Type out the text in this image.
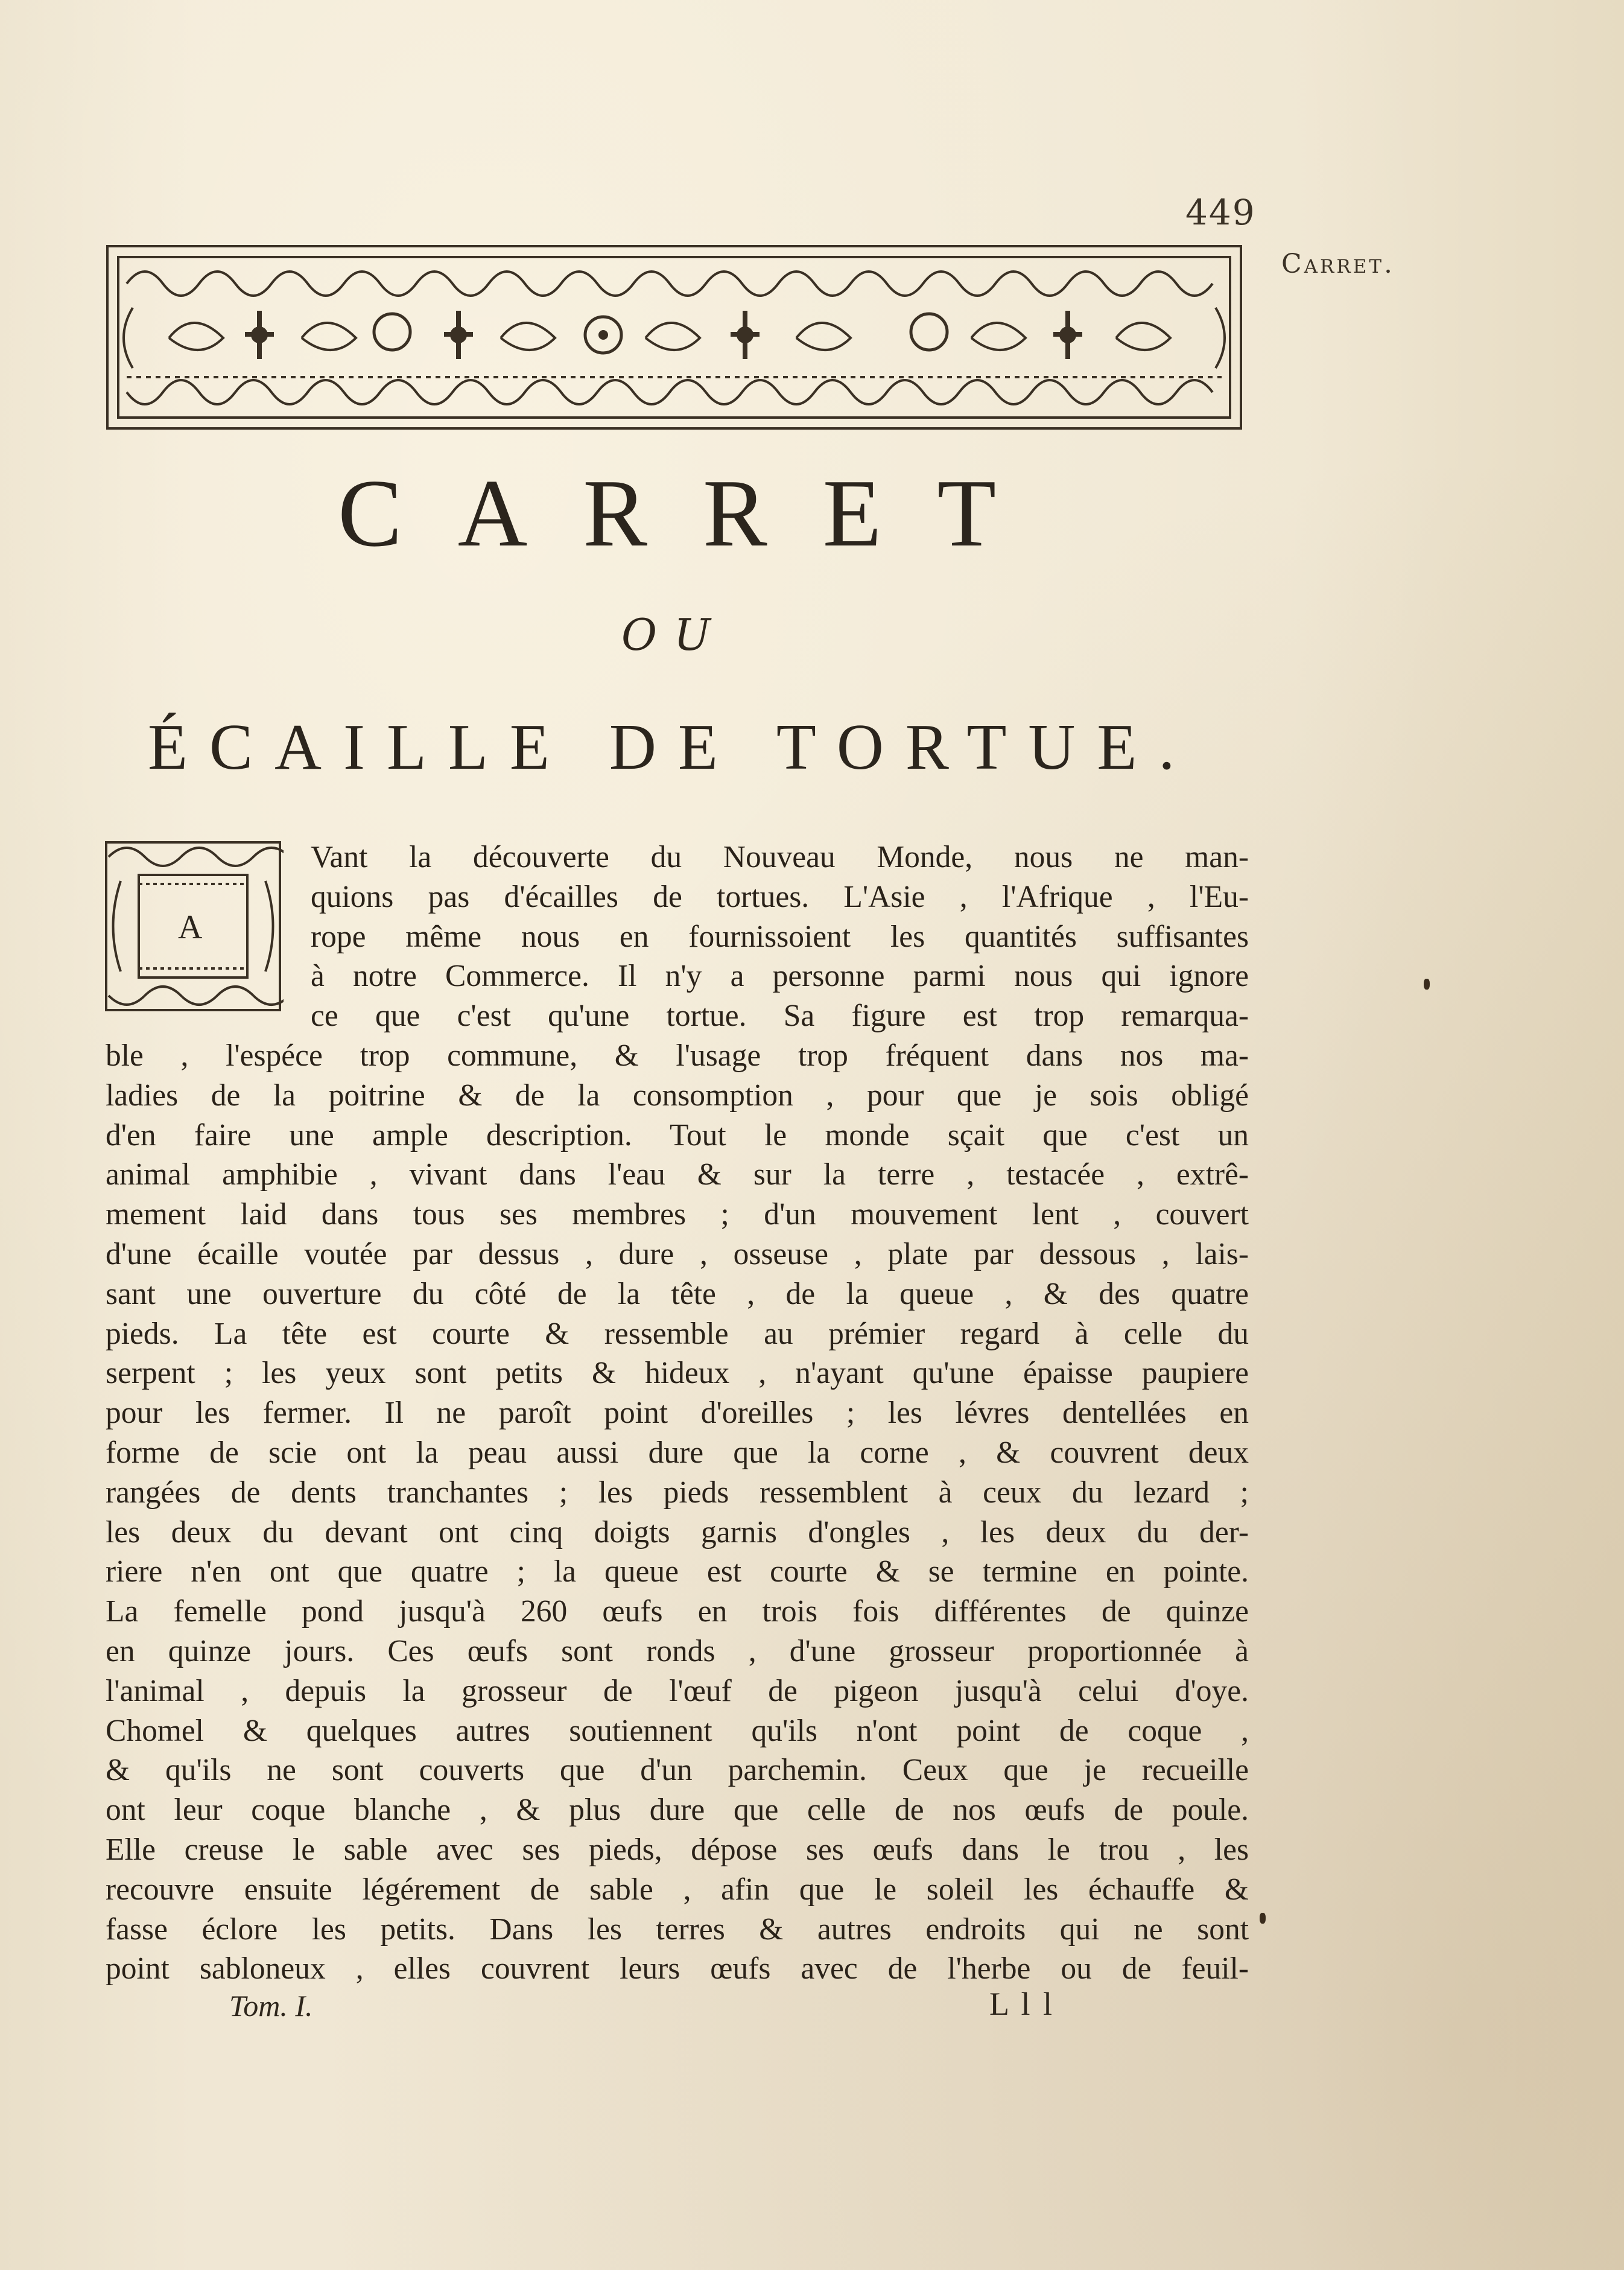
449
Carret.
CARRET
OU
ÉCAILLE DE TORTUE.
A
Vant la découverte du Nouveau Monde, nous ne man-
quions pas d'écailles de tortues. L'Asie , l'Afrique , l'Eu-
rope même nous en fournissoient les quantités suffisantes
à notre Commerce. Il n'y a personne parmi nous qui ignore
ce que c'est qu'une tortue. Sa figure est trop remarqua-
ble , l'espéce trop commune, & l'usage trop fréquent dans nos ma-
ladies de la poitrine & de la consomption , pour que je sois obligé
d'en faire une ample description. Tout le monde sçait que c'est un
animal amphibie , vivant dans l'eau & sur la terre , testacée , extrê-
mement laid dans tous ses membres ; d'un mouvement lent , couvert
d'une écaille voutée par dessus , dure , osseuse , plate par dessous , lais-
sant une ouverture du côté de la tête , de la queue , & des quatre
pieds. La tête est courte & ressemble au prémier regard à celle du
serpent ; les yeux sont petits & hideux , n'ayant qu'une épaisse paupiere
pour les fermer. Il ne paroît point d'oreilles ; les lévres dentellées en
forme de scie ont la peau aussi dure que la corne , & couvrent deux
rangées de dents tranchantes ; les pieds ressemblent à ceux du lezard ;
les deux du devant ont cinq doigts garnis d'ongles , les deux du der-
riere n'en ont que quatre ; la queue est courte & se termine en pointe.
La femelle pond jusqu'à 260 œufs en trois fois différentes de quinze
en quinze jours. Ces œufs sont ronds , d'une grosseur proportionnée à
l'animal , depuis la grosseur de l'œuf de pigeon jusqu'à celui d'oye.
Chomel & quelques autres soutiennent qu'ils n'ont point de coque ,
& qu'ils ne sont couverts que d'un parchemin. Ceux que je recueille
ont leur coque blanche , & plus dure que celle de nos œufs de poule.
Elle creuse le sable avec ses pieds, dépose ses œufs dans le trou , les
recouvre ensuite légérement de sable , afin que le soleil les échauffe &
fasse éclore les petits. Dans les terres & autres endroits qui ne sont
point sabloneux , elles couvrent leurs œufs avec de l'herbe ou de feuil-
Tom. I.	L l l
